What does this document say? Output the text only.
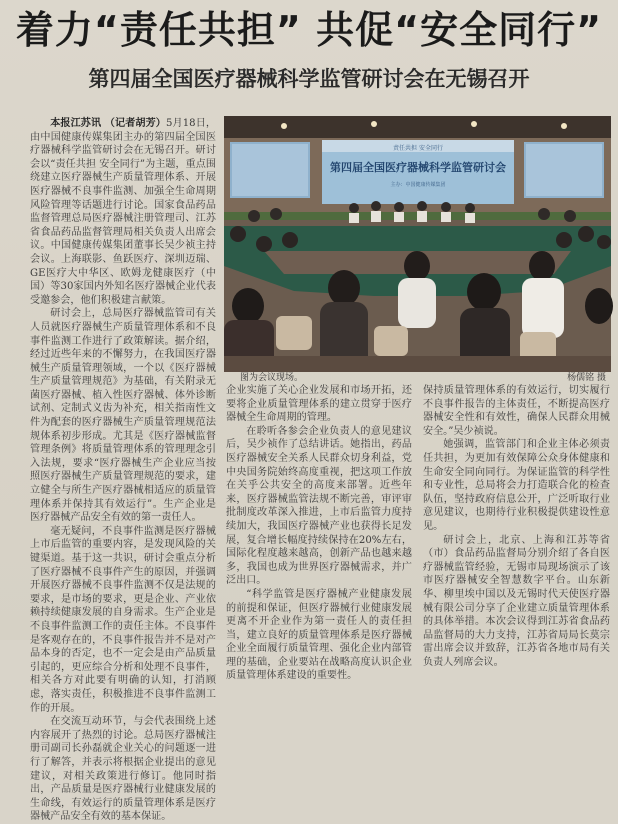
着力“责任共担” 共促“安全同行”
第四届全国医疗器械科学监管研讨会在无锡召开

本报江苏讯 （记者胡芳）5月18日，由中国健康传媒集团主办的第四届全国医疗器械科学监管研讨会在无锡召开。研讨会以“责任共担 安全同行”为主题，重点围绕建立医疗器械生产质量管理体系、开展医疗器械不良事件监测、加强全生命周期风险管理等话题进行讨论。国家食品药品监督管理总局医疗器械注册管理司、江苏省食品药品监督管理局相关负责人出席会议。中国健康传媒集团董事长吴少祯主持会议。上海联影、鱼跃医疗、深圳迈瑞、GE医疗大中华区、欧姆龙健康医疗（中国）等30家国内外知名医疗器械企业代表受邀参会，他们积极建言献策。

研讨会上，总局医疗器械监管司有关人员就医疗器械生产质量管理体系和不良事件监测工作进行了政策解读。据介绍，经过近些年来的不懈努力，在我国医疗器械生产质量管理领域，一个以《医疗器械生产质量管理规范》为基础，有关附录无菌医疗器械、植入性医疗器械、体外诊断试剂、定制式义齿为补充，相关指南性文件为配套的医疗器械生产质量管理规范法规体系初步形成。尤其是《医疗器械监督管理条例》将质量管理体系的管理理念引入法规，要求“医疗器械生产企业应当按照医疗器械生产质量管理规范的要求，建立健全与所生产医疗器械相适应的质量管理体系并保持其有效运行”。生产企业是医疗器械产品安全有效的第一责任人。

毫无疑问，不良事件监测是医疗器械上市后监管的重要内容，是发现风险的关键渠道。基于这一共识，研讨会重点分析了医疗器械不良事件产生的原因，并强调开展医疗器械不良事件监测不仅是法规的要求，是市场的要求，更是企业、产业依赖持续健康发展的自身需求。生产企业是不良事件监测工作的责任主体。不良事件是客观存在的，不良事件报告并不是对产品本身的否定，也不一定会是由产品质量引起的，更应综合分析和处理不良事件，相关各方对此要有明确的认知，打消顾虑，落实责任，积极推进不良事件监测工作的开展。

在交流互动环节，与会代表围绕上述内容展开了热烈的讨论。总局医疗器械注册司副司长孙磊就企业关心的问题逐一进行了解答，并表示将根据企业提出的意见建议，对相关政策进行修订。他同时指出，产品质量是医疗器械行业健康发展的生命线，有效运行的质量管理体系是医疗器械产品安全有效的基本保证。

责任共担 安全同行
第四届全国医疗器械科学监管研讨会
主办：中国健康传媒集团
图为会议现场。	杨儒铭 摄

企业实施了关心企业发展和市场开拓，还要将企业质量管理体系的建立贯穿于医疗器械全生命周期的管理。

在聆听各参会企业负责人的意见建议后，吴少祯作了总结讲话。她指出，药品医疗器械安全关系人民群众切身利益，党中央国务院始终高度重视，把这项工作放在关乎公共安全的高度来部署。近些年来，医疗器械监管法规不断完善，审评审批制度改革深入推进，上市后监管力度持续加大，我国医疗器械产业也获得长足发展，复合增长幅度持续保持在20%左右，国际化程度越来越高，创新产品也越来越多，我国也成为世界医疗器械需求，并广泛出口。

“科学监管是医疗器械产业健康发展的前提和保证，但医疗器械行业健康发展更离不开企业作为第一责任人的责任担当，建立良好的质量管理体系是医疗器械企业全面履行质量管理、强化企业内部管理的基础，企业要站在战略高度认识企业质量管理体系建设的重要性。

保持质量管理体系的有效运行，切实履行不良事件报告的主体责任，不断提高医疗器械安全性和有效性，确保人民群众用械安全。”吴少祯说。

她强调，监管部门和企业主体必须责任共担，为更加有效保障公众身体健康和生命安全同向同行。为保证监管的科学性和专业性，总局将会力打造联合化的检查队伍，坚持政府信息公开，广泛听取行业意见建议，也期待行业积极提供建设性意见。

研讨会上，北京、上海和江苏等省（市）食品药品监督局分别介绍了各自医疗器械监管经验，无锡市局现场演示了该市医疗器械安全智慧数字平台。山东新华、柳里埃中国以及无锡时代天使医疗器械有限公司分享了企业建立质量管理体系的具体举措。本次会议得到江苏省食品药品监督局的大力支持，江苏省局局长莫宗雷出席会议并致辞，江苏省各地市局有关负责人列席会议。
